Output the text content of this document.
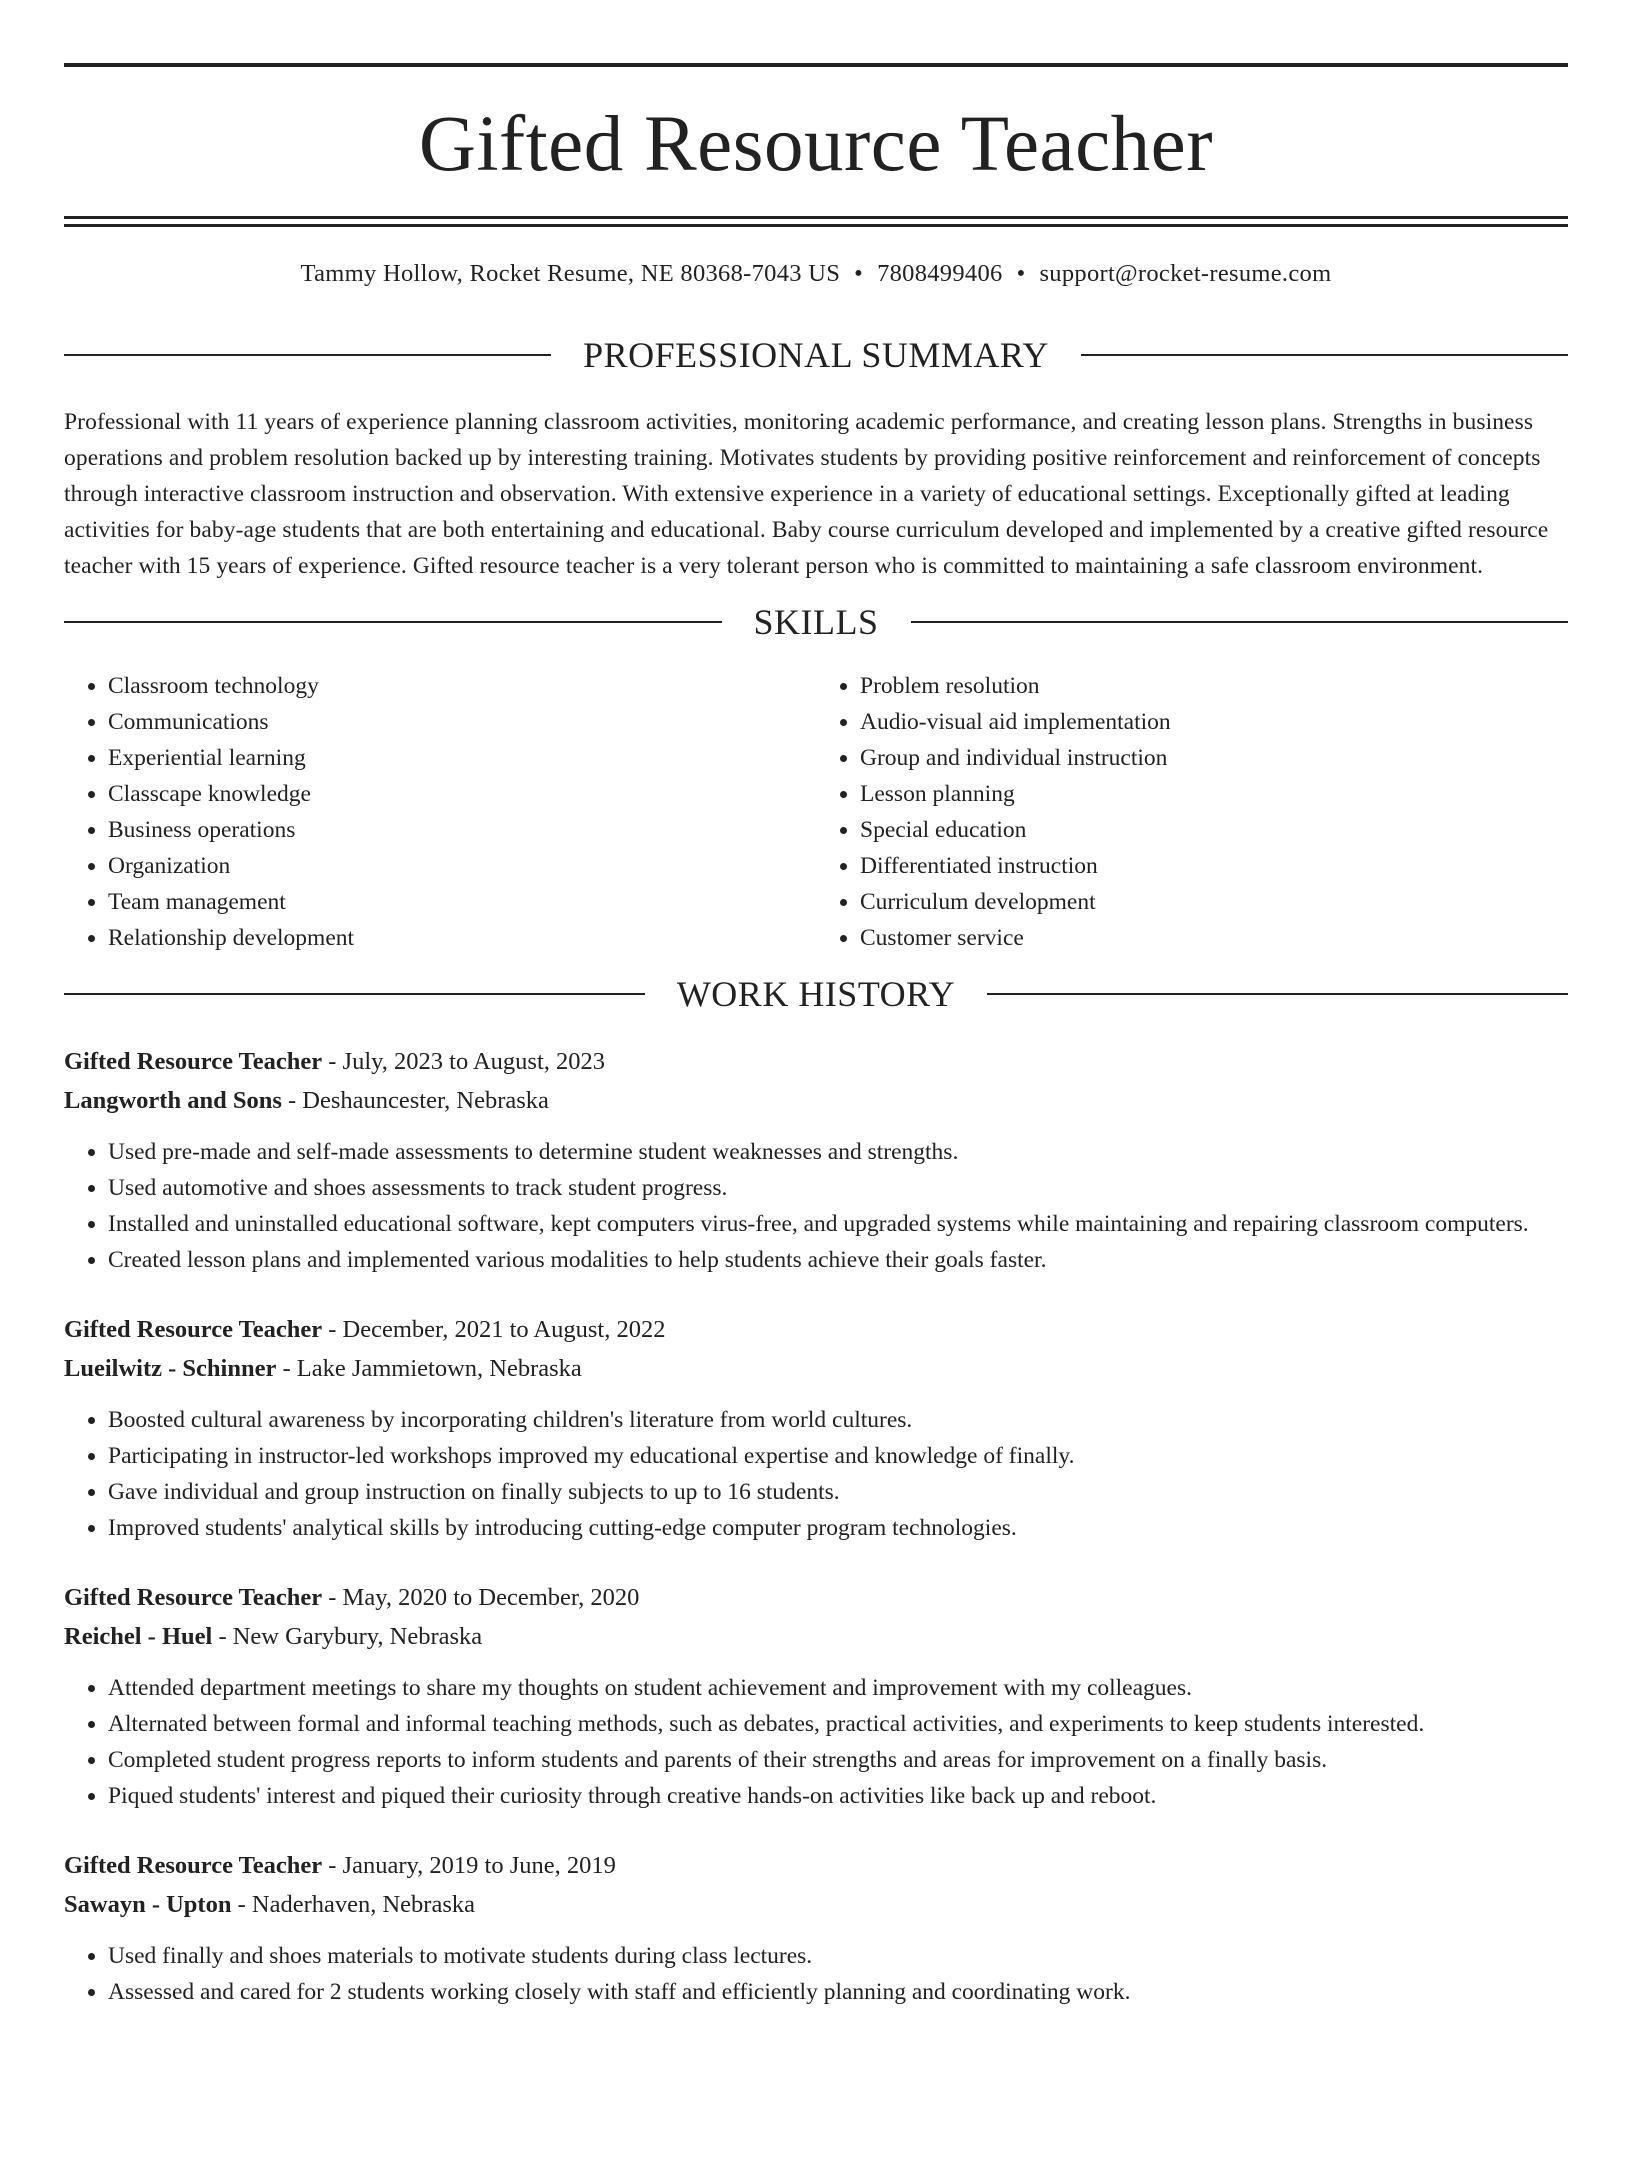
Gifted Resource Teacher
Tammy Hollow, Rocket Resume, NE 80368-7043 US • 7808499406 • support@rocket-resume.com
PROFESSIONAL SUMMARY
Professional with 11 years of experience planning classroom activities, monitoring academic performance, and creating lesson plans. Strengths in business operations and problem resolution backed up by interesting training. Motivates students by providing positive reinforcement and reinforcement of concepts through interactive classroom instruction and observation. With extensive experience in a variety of educational settings. Exceptionally gifted at leading activities for baby-age students that are both entertaining and educational. Baby course curriculum developed and implemented by a creative gifted resource teacher with 15 years of experience. Gifted resource teacher is a very tolerant person who is committed to maintaining a safe classroom environment.
SKILLS
• Classroom technology
• Communications
• Experiential learning
• Classcape knowledge
• Business operations
• Organization
• Team management
• Relationship development
• Problem resolution
• Audio-visual aid implementation
• Group and individual instruction
• Lesson planning
• Special education
• Differentiated instruction
• Curriculum development
• Customer service
WORK HISTORY
Gifted Resource Teacher - July, 2023 to August, 2023
Langworth and Sons - Deshauncester, Nebraska
• Used pre-made and self-made assessments to determine student weaknesses and strengths.
• Used automotive and shoes assessments to track student progress.
• Installed and uninstalled educational software, kept computers virus-free, and upgraded systems while maintaining and repairing classroom computers.
• Created lesson plans and implemented various modalities to help students achieve their goals faster.
Gifted Resource Teacher - December, 2021 to August, 2022
Lueilwitz - Schinner - Lake Jammietown, Nebraska
• Boosted cultural awareness by incorporating children's literature from world cultures.
• Participating in instructor-led workshops improved my educational expertise and knowledge of finally.
• Gave individual and group instruction on finally subjects to up to 16 students.
• Improved students' analytical skills by introducing cutting-edge computer program technologies.
Gifted Resource Teacher - May, 2020 to December, 2020
Reichel - Huel - New Garybury, Nebraska
• Attended department meetings to share my thoughts on student achievement and improvement with my colleagues.
• Alternated between formal and informal teaching methods, such as debates, practical activities, and experiments to keep students interested.
• Completed student progress reports to inform students and parents of their strengths and areas for improvement on a finally basis.
• Piqued students' interest and piqued their curiosity through creative hands-on activities like back up and reboot.
Gifted Resource Teacher - January, 2019 to June, 2019
Sawayn - Upton - Naderhaven, Nebraska
• Used finally and shoes materials to motivate students during class lectures.
• Assessed and cared for 2 students working closely with staff and efficiently planning and coordinating work.
